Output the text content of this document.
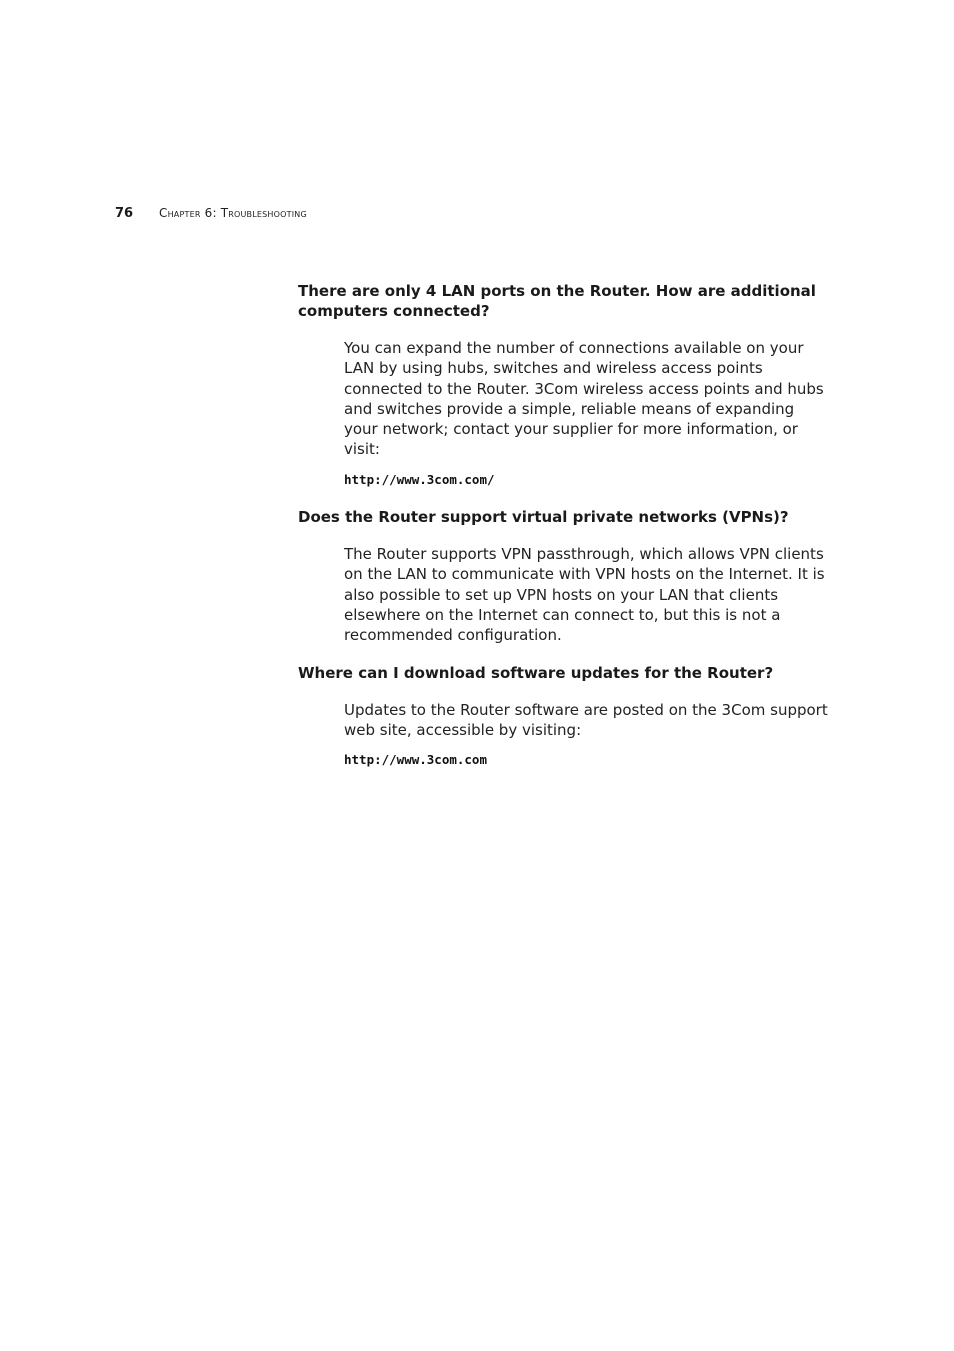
76	Chapter 6: Troubleshooting
There are only 4 LAN ports on the Router. How are additional computers connected?

You can expand the number of connections available on your LAN by using hubs, switches and wireless access points connected to the Router. 3Com wireless access points and hubs and switches provide a simple, reliable means of expanding your network; contact your supplier for more information, or visit:

http://www.3com.com/
Does the Router support virtual private networks (VPNs)?

The Router supports VPN passthrough, which allows VPN clients on the LAN to communicate with VPN hosts on the Internet. It is also possible to set up VPN hosts on your LAN that clients elsewhere on the Internet can connect to, but this is not a recommended configuration.

Where can I download software updates for the Router?

Updates to the Router software are posted on the 3Com support web site, accessible by visiting:

http://www.3com.com
